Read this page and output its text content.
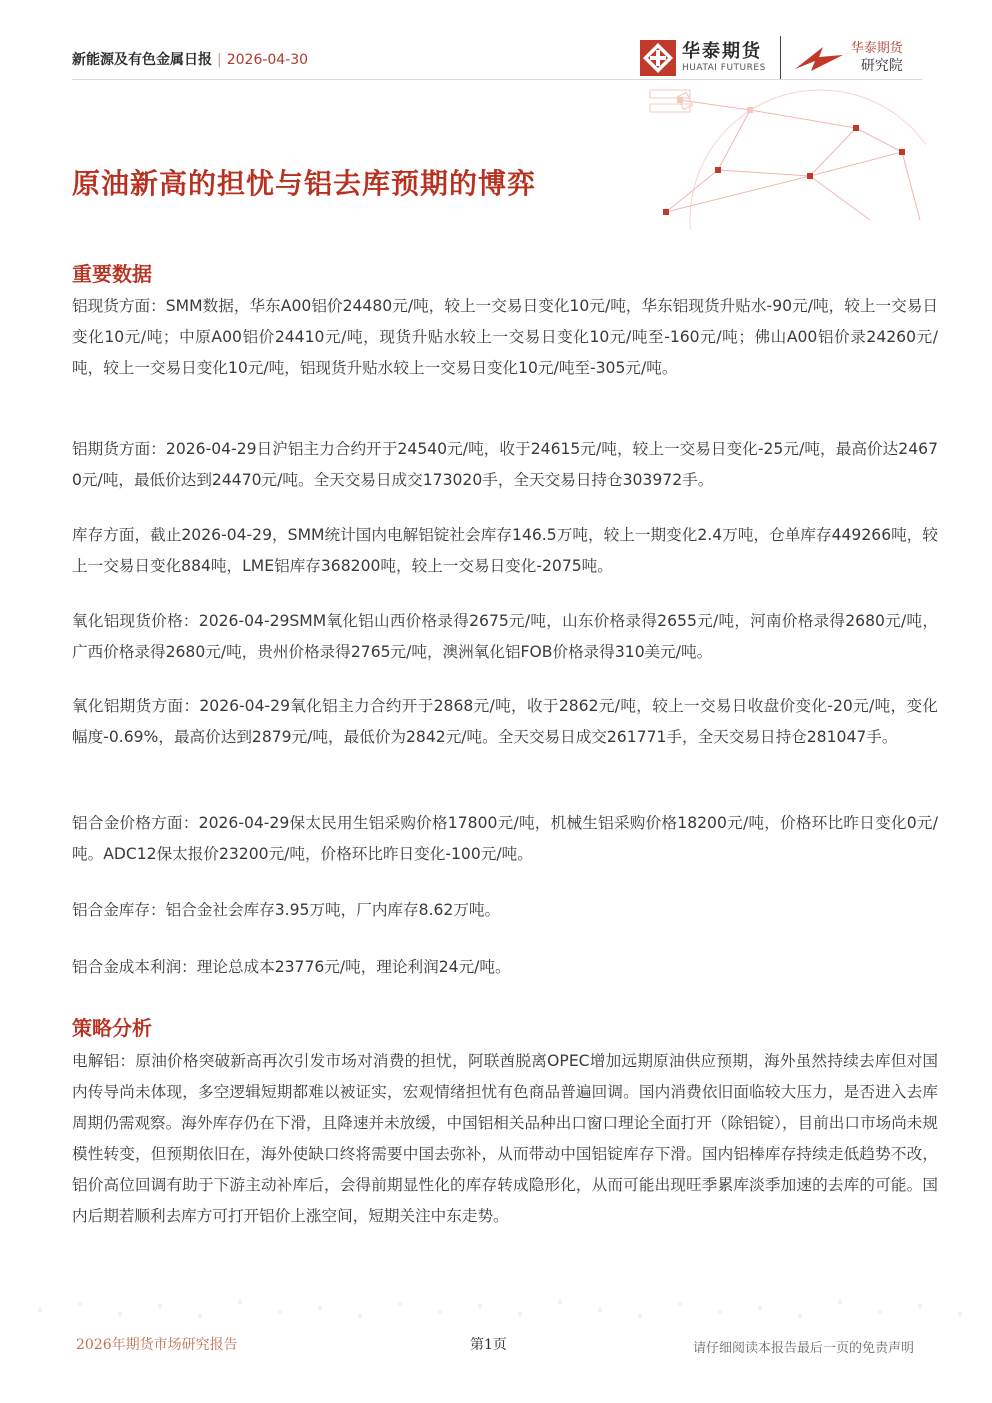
新能源及有色金属日报 | 2026-04-30	华泰期货
HUATAI FUTURES
华泰期货
研究院
原油新高的担忧与铝去库预期的博弈
重要数据
铝现货方面：SMM数据，华东A00铝价24480元/吨，较上一交易日变化10元/吨，华东铝现货升贴水-90元/吨，较上一交易日变化10元/吨；中原A00铝价24410元/吨，现货升贴水较上一交易日变化10元/吨至-160元/吨；佛山A00铝价录24260元/吨，较上一交易日变化10元/吨，铝现货升贴水较上一交易日变化10元/吨至-305元/吨。
铝期货方面：2026-04-29日沪铝主力合约开于24540元/吨，收于24615元/吨，较上一交易日变化-25元/吨，最高价达24670元/吨，最低价达到24470元/吨。全天交易日成交173020手，全天交易日持仓303972手。
库存方面，截止2026-04-29，SMM统计国内电解铝锭社会库存146.5万吨，较上一期变化2.4万吨，仓单库存449266吨，较上一交易日变化884吨，LME铝库存368200吨，较上一交易日变化-2075吨。
氧化铝现货价格：2026-04-29SMM氧化铝山西价格录得2675元/吨，山东价格录得2655元/吨，河南价格录得2680元/吨，广西价格录得2680元/吨，贵州价格录得2765元/吨，澳洲氧化铝FOB价格录得310美元/吨。
氧化铝期货方面：2026-04-29氧化铝主力合约开于2868元/吨，收于2862元/吨，较上一交易日收盘价变化-20元/吨，变化幅度-0.69%，最高价达到2879元/吨，最低价为2842元/吨。全天交易日成交261771手，全天交易日持仓281047手。
铝合金价格方面：2026-04-29保太民用生铝采购价格17800元/吨，机械生铝采购价格18200元/吨，价格环比昨日变化0元/吨。ADC12保太报价23200元/吨，价格环比昨日变化-100元/吨。
铝合金库存：铝合金社会库存3.95万吨，厂内库存8.62万吨。
铝合金成本利润：理论总成本23776元/吨，理论利润24元/吨。
策略分析
电解铝：原油价格突破新高再次引发市场对消费的担忧，阿联酋脱离OPEC增加远期原油供应预期，海外虽然持续去库但对国内传导尚未体现，多空逻辑短期都难以被证实，宏观情绪担忧有色商品普遍回调。国内消费依旧面临较大压力，是否进入去库周期仍需观察。海外库存仍在下滑，且降速并未放缓，中国铝相关品种出口窗口理论全面打开（除铝锭），目前出口市场尚未规模性转变，但预期依旧在，海外使缺口终将需要中国去弥补，从而带动中国铝锭库存下滑。国内铝棒库存持续走低趋势不改，铝价高位回调有助于下游主动补库后，会得前期显性化的库存转成隐形化，从而可能出现旺季累库淡季加速的去库的可能。国内后期若顺利去库方可打开铝价上涨空间，短期关注中东走势。
2026年期货市场研究报告	第1页	请仔细阅读本报告最后一页的免责声明
